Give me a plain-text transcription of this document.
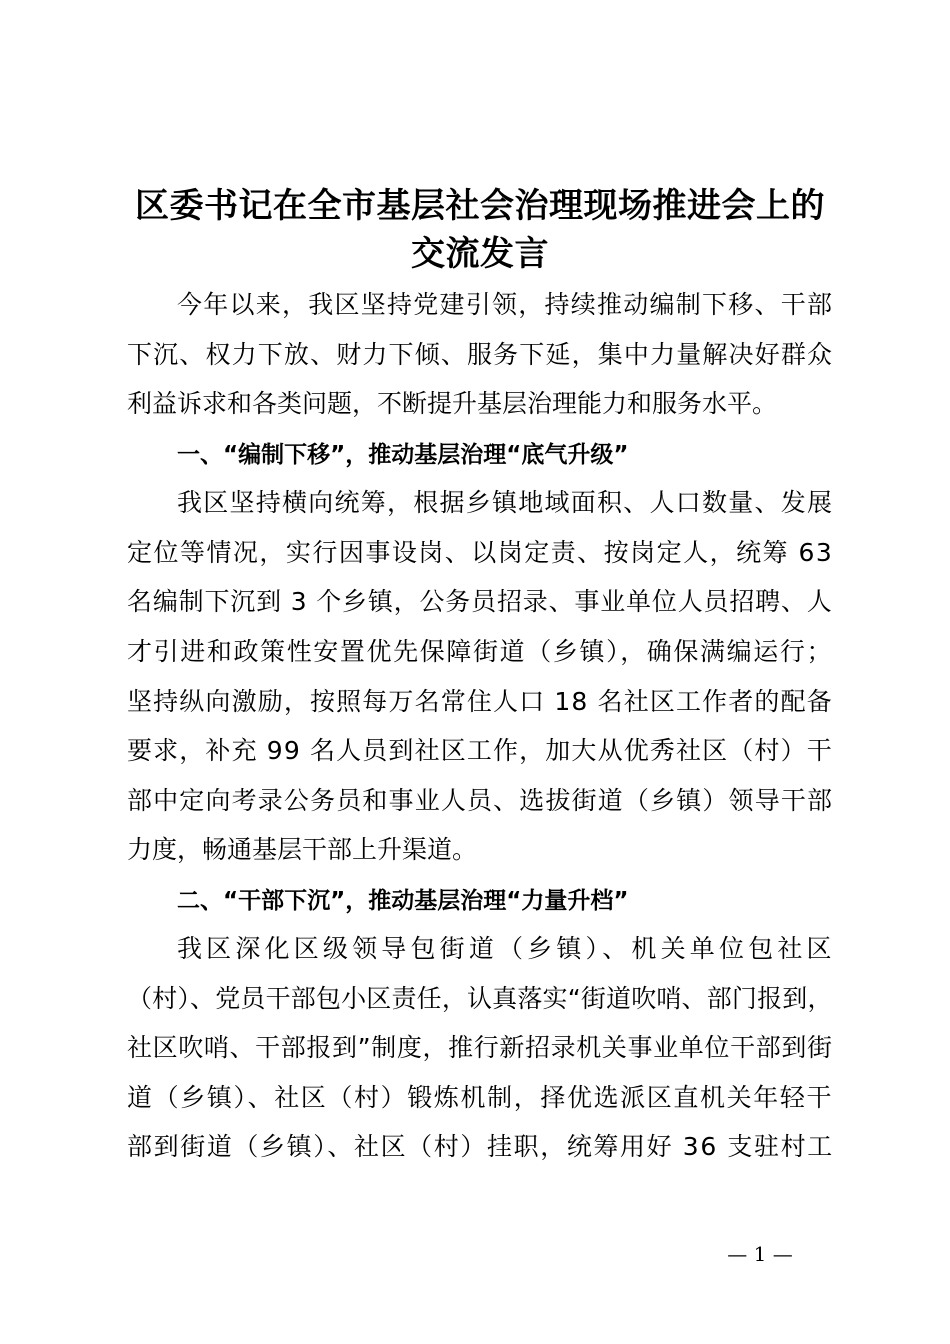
区委书记在全市基层社会治理现场推进会上的
交流发言
今年以来，我区坚持党建引领，持续推动编制下移、干部
下沉、权力下放、财力下倾、服务下延，集中力量解决好群众
利益诉求和各类问题，不断提升基层治理能力和服务水平。
一、“编制下移”，推动基层治理“底气升级”
我区坚持横向统筹，根据乡镇地域面积、人口数量、发展
定位等情况，实行因事设岗、以岗定责、按岗定人，统筹 63
名编制下沉到 3 个乡镇，公务员招录、事业单位人员招聘、人
才引进和政策性安置优先保障街道（乡镇），确保满编运行；
坚持纵向激励，按照每万名常住人口 18 名社区工作者的配备
要求，补充 99 名人员到社区工作，加大从优秀社区（村）干
部中定向考录公务员和事业人员、选拔街道（乡镇）领导干部
力度，畅通基层干部上升渠道。
二、“干部下沉”，推动基层治理“力量升档”
我区深化区级领导包街道（乡镇）、机关单位包社区
（村）、党员干部包小区责任，认真落实“街道吹哨、部门报到，
社区吹哨、干部报到”制度，推行新招录机关事业单位干部到街
道（乡镇）、社区（村）锻炼机制，择优选派区直机关年轻干
部到街道（乡镇）、社区（村）挂职，统筹用好 36 支驻村工
— 1 —
